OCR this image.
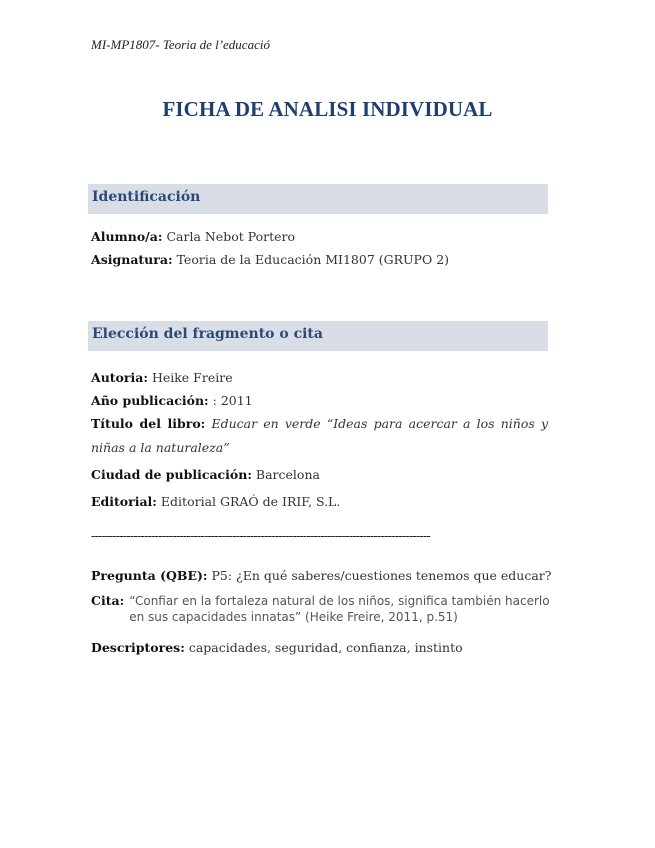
MI-MP1807- Teoria de l’educació
FICHA DE ANALISI INDIVIDUAL
Identificación
Alumno/a: Carla Nebot Portero
Asignatura: Teoria de la Educación MI1807 (GRUPO 2)
Elección del fragmento o cita
Autoria: Heike Freire
Año publicación: : 2011
Título del libro: Educar en verde “Ideas para acercar a los niños y niñas a la naturaleza”
Ciudad de publicación: Barcelona
Editorial: Editorial GRAÓ de IRIF, S.L.
------------------------------------------------------------------------------------------------
Pregunta (QBE): P5: ¿En qué saberes/cuestiones tenemos que educar?
Cita: “Confiar en la fortaleza natural de los niños, significa también hacerlo en sus capacidades innatas” (Heike Freire, 2011, p.51)
Descriptores: capacidades, seguridad, confianza, instinto
